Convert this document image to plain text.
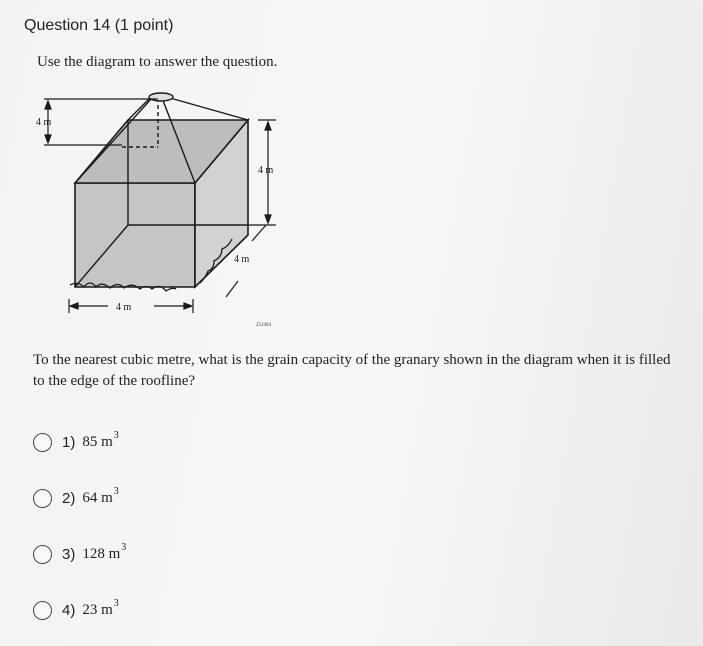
Question 14 (1 point)
Use the diagram to answer the question.
4 m
4 m
4 m
4 m
251904
To the nearest cubic metre, what is the grain capacity of the granary shown in the diagram when it is filled to the edge of the roofline?
1) 85 m 3
2) 64 m 3
3) 128 m 3
4) 23 m 3
